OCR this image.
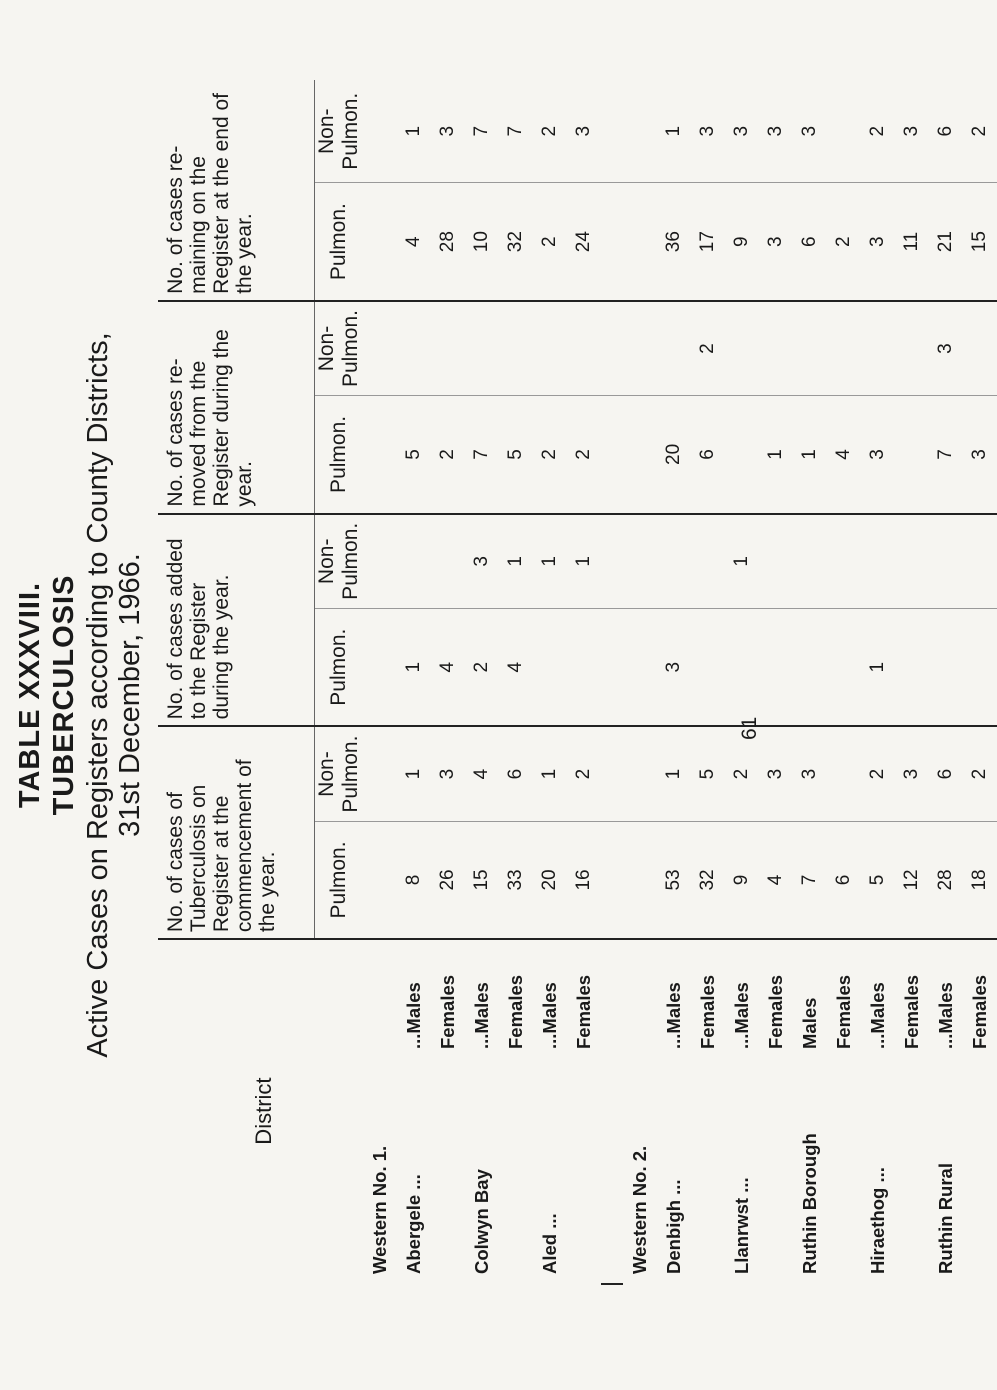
TABLE XXXVIII. TUBERCULOSIS Active Cases on Registers according to County Districts, 31st December, 1966.
District	No. of cases of Tuberculosis on Register at the commencement of the year.		No. of cases added to the Register during the year.		No. of cases re-moved from the Register during the year.		No. of cases re-maining on the Register at the end of the year.	
	Pulmon.	Non-Pulmon.	Pulmon.	Non-Pulmon.	Pulmon.	Non-Pulmon.	Pulmon.	Non-Pulmon.

Western No. 1.								

Abergele ......Males	8	1	1		5		4	1
Females	26	3	4		2		28	3
Colwyn Bay...Males	15	4	2	3	7		10	7
Females	33	6	4	1	5		32	7
Aled ......Males	20	1		1	2		2	2
Females	16	2		1	2		24	3

Western No. 2.								

Denbigh ......Males	53	1	3		20		36	1
Females	32	5			6	2	17	3
Llanrwst ......Males	9	2		1			9	3
Females	4	3			1		3	3
Ruthin BoroughMales	7	3			1		6	3
Females	6				4		2	
Hiraethog ......Males	5	2	1		3		3	2
Females	12	3					11	3
Ruthin Rural...Males	28	6			7	3	21	6
Females	18	2			3		15	2
61
